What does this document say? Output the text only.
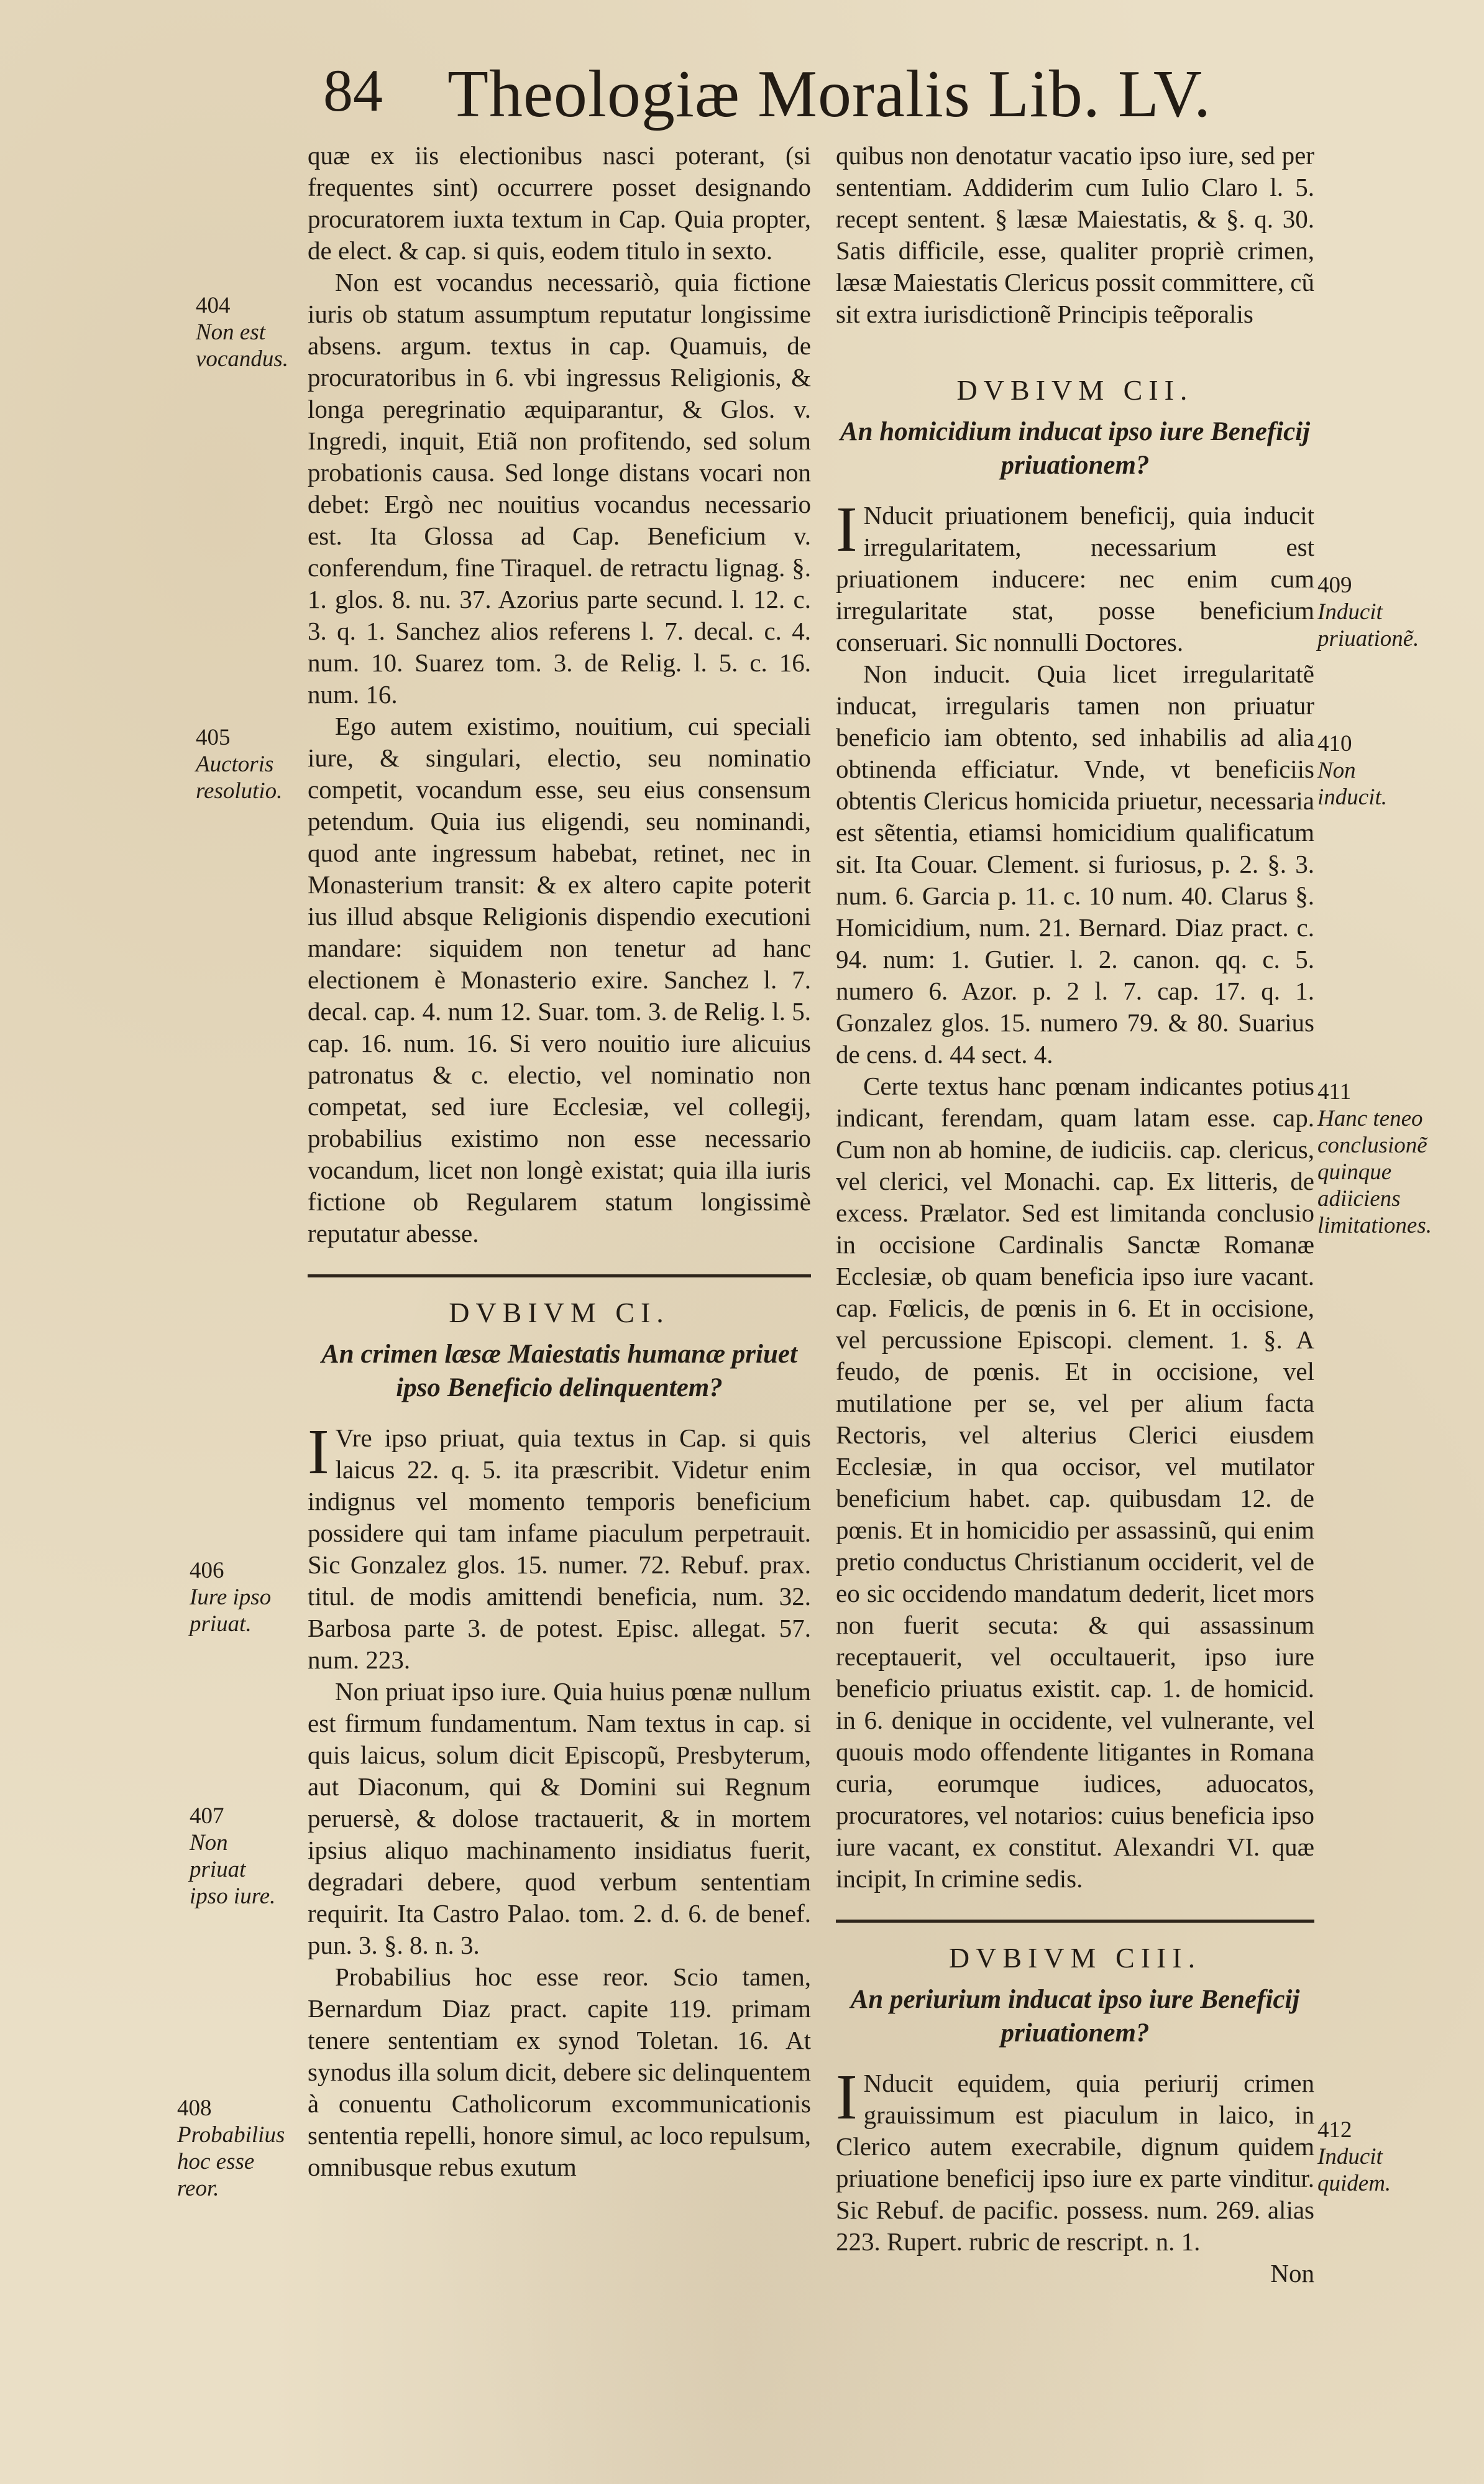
84 Theologiæ Moralis Lib. LV.
404
Non est vocandus.
405
Auctoris resolutio.
406
Iure ipso priuat.
407
Non priuat ipso iure.
408
Probabilius hoc esse reor.
409
Inducit priuationẽ.
410
Non inducit.
411
Hanc teneo conclusionẽ quinque adiiciens limitationes.
412
Inducit quidem.

quæ ex iis electionibus nasci poterant, (si frequentes sint) occurrere posset designando procuratorem iuxta textum in Cap. Quia propter, de elect. & cap. si quis, eodem titulo in sexto.

Non est vocandus necessariò, quia fictione iuris ob statum assumptum reputatur longissime absens. argum. textus in cap. Quamuis, de procuratoribus in 6. vbi ingressus Religionis, & longa peregrinatio æquiparantur, & Glos. v. Ingredi, inquit, Etiã non profitendo, sed solum probationis causa. Sed longe distans vocari non debet: Ergò nec nouitius vocandus necessario est. Ita Glossa ad Cap. Beneficium v. conferendum, fine Tiraquel. de retractu lignag. §. 1. glos. 8. nu. 37. Azorius parte secund. l. 12. c. 3. q. 1. Sanchez alios referens l. 7. decal. c. 4. num. 10. Suarez tom. 3. de Relig. l. 5. c. 16. num. 16.

Ego autem existimo, nouitium, cui speciali iure, & singulari, electio, seu nominatio competit, vocandum esse, seu eius consensum petendum. Quia ius eligendi, seu nominandi, quod ante ingressum habebat, retinet, nec in Monasterium transit: & ex altero capite poterit ius illud absque Religionis dispendio executioni mandare: siquidem non tenetur ad hanc electionem è Monasterio exire. Sanchez l. 7. decal. cap. 4. num 12. Suar. tom. 3. de Relig. l. 5. cap. 16. num. 16. Si vero nouitio iure alicuius patronatus & c. electio, vel nominatio non competat, sed iure Ecclesiæ, vel collegij, probabilius existimo non esse necessario vocandum, licet non longè existat; quia illa iuris fictione ob Regularem statum longissimè reputatur abesse.

DVBIVM CI.
An crimen læsæ Maiestatis humanæ priuet ipso Beneficio delinquentem?

I Vre ipso priuat, quia textus in Cap. si quis laicus 22. q. 5. ita præscribit. Videtur enim indignus vel momento temporis beneficium possidere qui tam infame piaculum perpetrauit. Sic Gonzalez glos. 15. numer. 72. Rebuf. prax. titul. de modis amittendi beneficia, num. 32. Barbosa parte 3. de potest. Episc. allegat. 57. num. 223.

Non priuat ipso iure. Quia huius pœnæ nullum est firmum fundamentum. Nam textus in cap. si quis laicus, solum dicit Episcopũ, Presbyterum, aut Diaconum, qui & Domini sui Regnum peruersè, & dolose tractauerit, & in mortem ipsius aliquo machinamento insidiatus fuerit, degradari debere, quod verbum sententiam requirit. Ita Castro Palao. tom. 2. d. 6. de benef. pun. 3. §. 8. n. 3.

Probabilius hoc esse reor. Scio tamen, Bernardum Diaz pract. capite 119. primam tenere sententiam ex synod Toletan. 16. At synodus illa solum dicit, debere sic delinquentem à conuentu Catholicorum excommunicationis sententia repelli, honore simul, ac loco repulsum, omnibusque rebus exutum

quibus non denotatur vacatio ipso iure, sed per sententiam. Addiderim cum Iulio Claro l. 5. recept sentent. § læsæ Maiestatis, & §. q. 30. Satis difficile, esse, qualiter propriè crimen, læsæ Maiestatis Clericus possit committere, cũ sit extra iurisdictionẽ Principis teẽporalis

DVBIVM CII.
An homicidium inducat ipso iure Beneficij priuationem?

I Nducit priuationem beneficij, quia inducit irregularitatem, necessarium est priuationem inducere: nec enim cum irregularitate stat, posse beneficium conseruari. Sic nonnulli Doctores.

Non inducit. Quia licet irregularitatẽ inducat, irregularis tamen non priuatur beneficio iam obtento, sed inhabilis ad alia obtinenda efficiatur. Vnde, vt beneficiis obtentis Clericus homicida priuetur, necessaria est sẽtentia, etiamsi homicidium qualificatum sit. Ita Couar. Clement. si furiosus, p. 2. §. 3. num. 6. Garcia p. 11. c. 10 num. 40. Clarus §. Homicidium, num. 21. Bernard. Diaz pract. c. 94. num: 1. Gutier. l. 2. canon. qq. c. 5. numero 6. Azor. p. 2 l. 7. cap. 17. q. 1. Gonzalez glos. 15. numero 79. & 80. Suarius de cens. d. 44 sect. 4.

Certe textus hanc pœnam indicantes potius indicant, ferendam, quam latam esse. cap. Cum non ab homine, de iudiciis. cap. clericus, vel clerici, vel Monachi. cap. Ex litteris, de excess. Prælator. Sed est limitanda conclusio in occisione Cardinalis Sanctæ Romanæ Ecclesiæ, ob quam beneficia ipso iure vacant. cap. Fœlicis, de pœnis in 6. Et in occisione, vel percussione Episcopi. clement. 1. §. A feudo, de pœnis. Et in occisione, vel mutilatione per se, vel per alium facta Rectoris, vel alterius Clerici eiusdem Ecclesiæ, in qua occisor, vel mutilator beneficium habet. cap. quibusdam 12. de pœnis. Et in homicidio per assassinũ, qui enim pretio conductus Christianum occiderit, vel de eo sic occidendo mandatum dederit, licet mors non fuerit secuta: & qui assassinum receptauerit, vel occultauerit, ipso iure beneficio priuatus existit. cap. 1. de homicid. in 6. denique in occidente, vel vulnerante, vel quouis modo offendente litigantes in Romana curia, eorumque iudices, aduocatos, procuratores, vel notarios: cuius beneficia ipso iure vacant, ex constitut. Alexandri VI. quæ incipit, In crimine sedis.

DVBIVM CIII.
An periurium inducat ipso iure Beneficij priuationem?

I Nducit equidem, quia periurij crimen grauissimum est piaculum in laico, in Clerico autem execrabile, dignum quidem priuatione beneficij ipso iure ex parte vinditur. Sic Rebuf. de pacific. possess. num. 269. alias 223. Rupert. rubric de rescript. n. 1.

Non
